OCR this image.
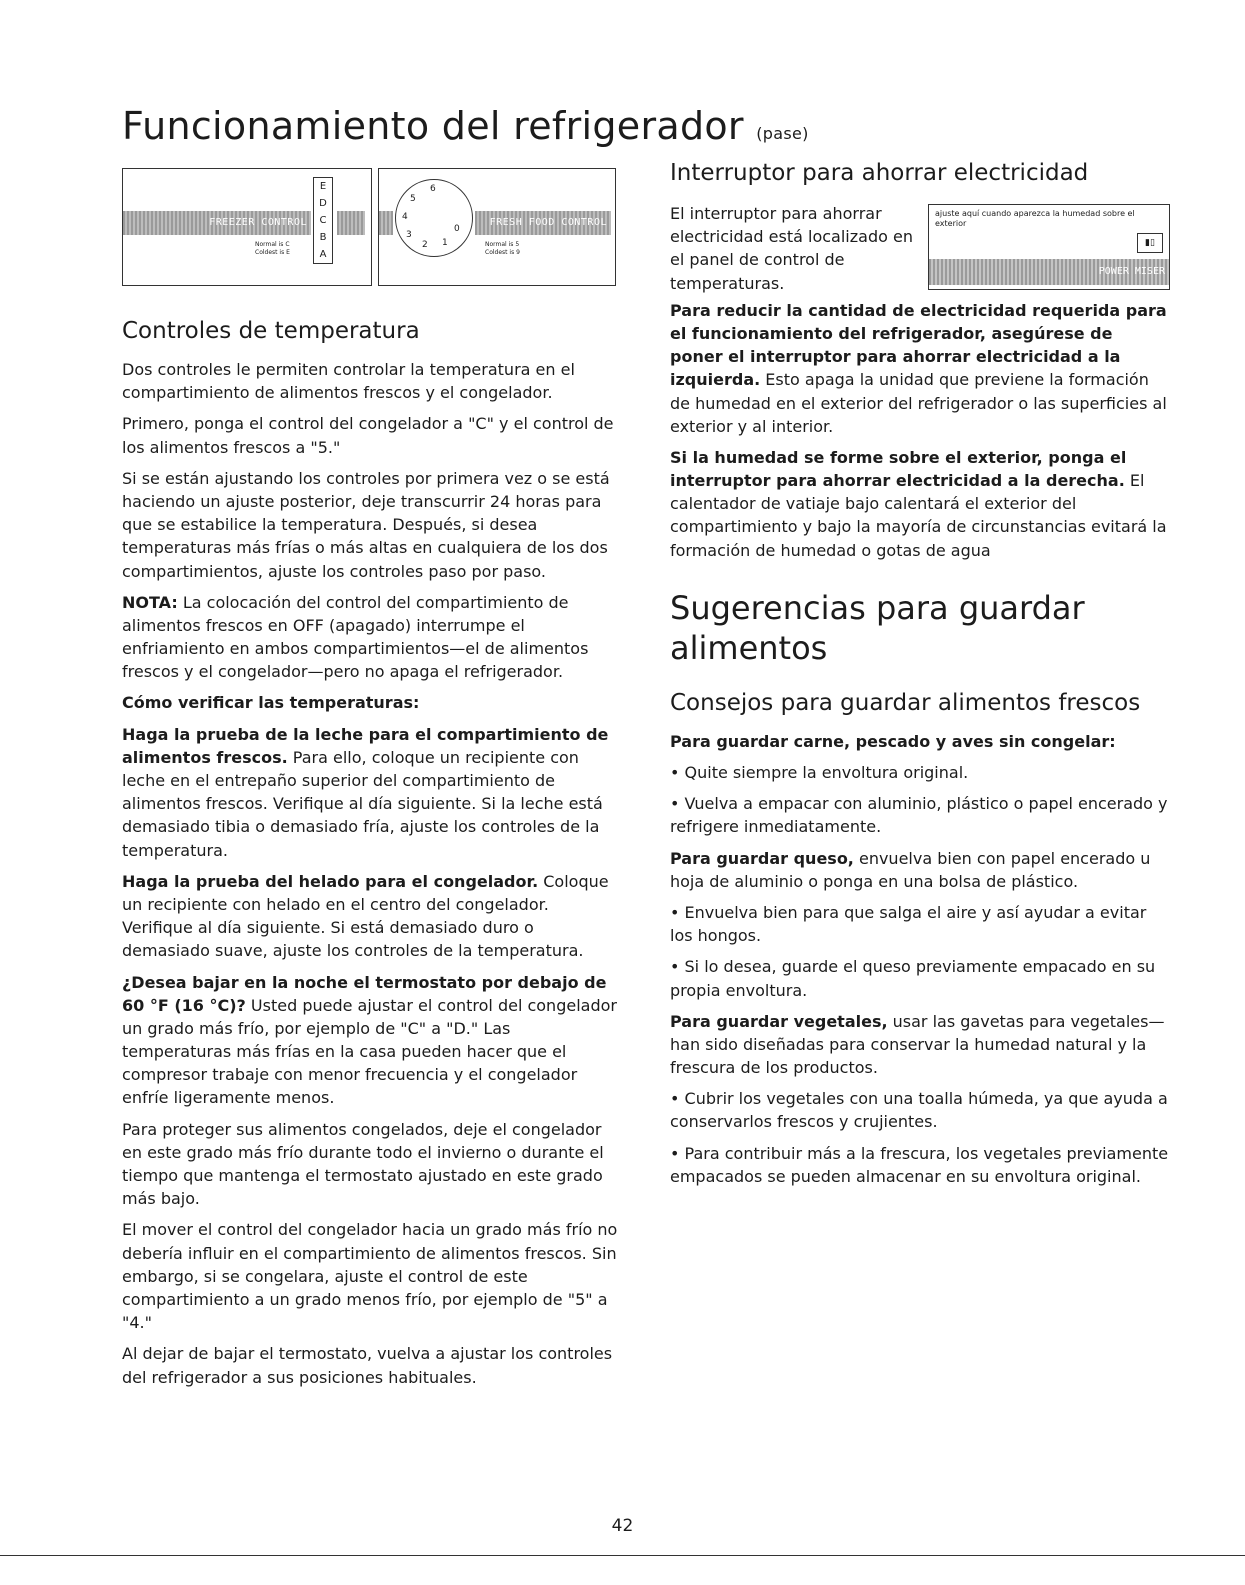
Funcionamiento del refrigerador (pase)
FREEZER CONTROL
E
D
C
B
A
Normal is C
Coldest is E
FRESH FOOD CONTROL
6
5
4
3
2 1
0
Normal is 5
Coldest is 9
Controles de temperatura

Dos controles le permiten controlar la temperatura en el compartimiento de alimentos frescos y el congelador.

Primero, ponga el control del congelador a "C" y el control de los alimentos frescos a "5."

Si se están ajustando los controles por primera vez o se está haciendo un ajuste posterior, deje transcurrir 24 horas para que se estabilice la temperatura. Después, si desea temperaturas más frías o más altas en cualquiera de los dos compartimientos, ajuste los controles paso por paso.

NOTA: La colocación del control del compartimiento de alimentos frescos en OFF (apagado) interrumpe el enfriamiento en ambos compartimientos—el de alimentos frescos y el congelador—pero no apaga el refrigerador.

Cómo verificar las temperaturas:

Haga la prueba de la leche para el compartimiento de alimentos frescos. Para ello, coloque un recipiente con leche en el entrepaño superior del compartimiento de alimentos frescos. Verifique al día siguiente. Si la leche está demasiado tibia o demasiado fría, ajuste los controles de la temperatura.

Haga la prueba del helado para el congelador. Coloque un recipiente con helado en el centro del congelador. Verifique al día siguiente. Si está demasiado duro o demasiado suave, ajuste los controles de la temperatura.

¿Desea bajar en la noche el termostato por debajo de 60 °F (16 °C)? Usted puede ajustar el control del congelador un grado más frío, por ejemplo de "C" a "D." Las temperaturas más frías en la casa pueden hacer que el compresor trabaje con menor frecuencia y el congelador enfríe ligeramente menos.

Para proteger sus alimentos congelados, deje el congelador en este grado más frío durante todo el invierno o durante el tiempo que mantenga el termostato ajustado en este grado más bajo.

El mover el control del congelador hacia un grado más frío no debería influir en el compartimiento de alimentos frescos. Sin embargo, si se congelara, ajuste el control de este compartimiento a un grado menos frío, por ejemplo de "5" a "4."

Al dejar de bajar el termostato, vuelva a ajustar los controles del refrigerador a sus posiciones habituales.

ajuste aquí cuando aparezca la humedad sobre el exterior
▮▯
POWER MISER
Interruptor para ahorrar electricidad

El interruptor para ahorrar electricidad está localizado en el panel de control de temperaturas.

Para reducir la cantidad de electricidad requerida para el funcionamiento del refrigerador, asegúrese de poner el interruptor para ahorrar electricidad a la izquierda. Esto apaga la unidad que previene la formación de humedad en el exterior del refrigerador o las superficies al exterior y al interior.

Si la humedad se forme sobre el exterior, ponga el interruptor para ahorrar electricidad a la derecha. El calentador de vatiaje bajo calentará el exterior del compartimiento y bajo la mayoría de circunstancias evitará la formación de humedad o gotas de agua

Sugerencias para guardar alimentos
Consejos para guardar alimentos frescos

Para guardar carne, pescado y aves sin congelar:

• Quite siempre la envoltura original.

• Vuelva a empacar con aluminio, plástico o papel encerado y refrigere inmediatamente.

Para guardar queso, envuelva bien con papel encerado u hoja de aluminio o ponga en una bolsa de plástico.

• Envuelva bien para que salga el aire y así ayudar a evitar los hongos.

• Si lo desea, guarde el queso previamente empacado en su propia envoltura.

Para guardar vegetales, usar las gavetas para vegetales—han sido diseñadas para conservar la humedad natural y la frescura de los productos.

• Cubrir los vegetales con una toalla húmeda, ya que ayuda a conservarlos frescos y crujientes.

• Para contribuir más a la frescura, los vegetales previamente empacados se pueden almacenar en su envoltura original.

42
